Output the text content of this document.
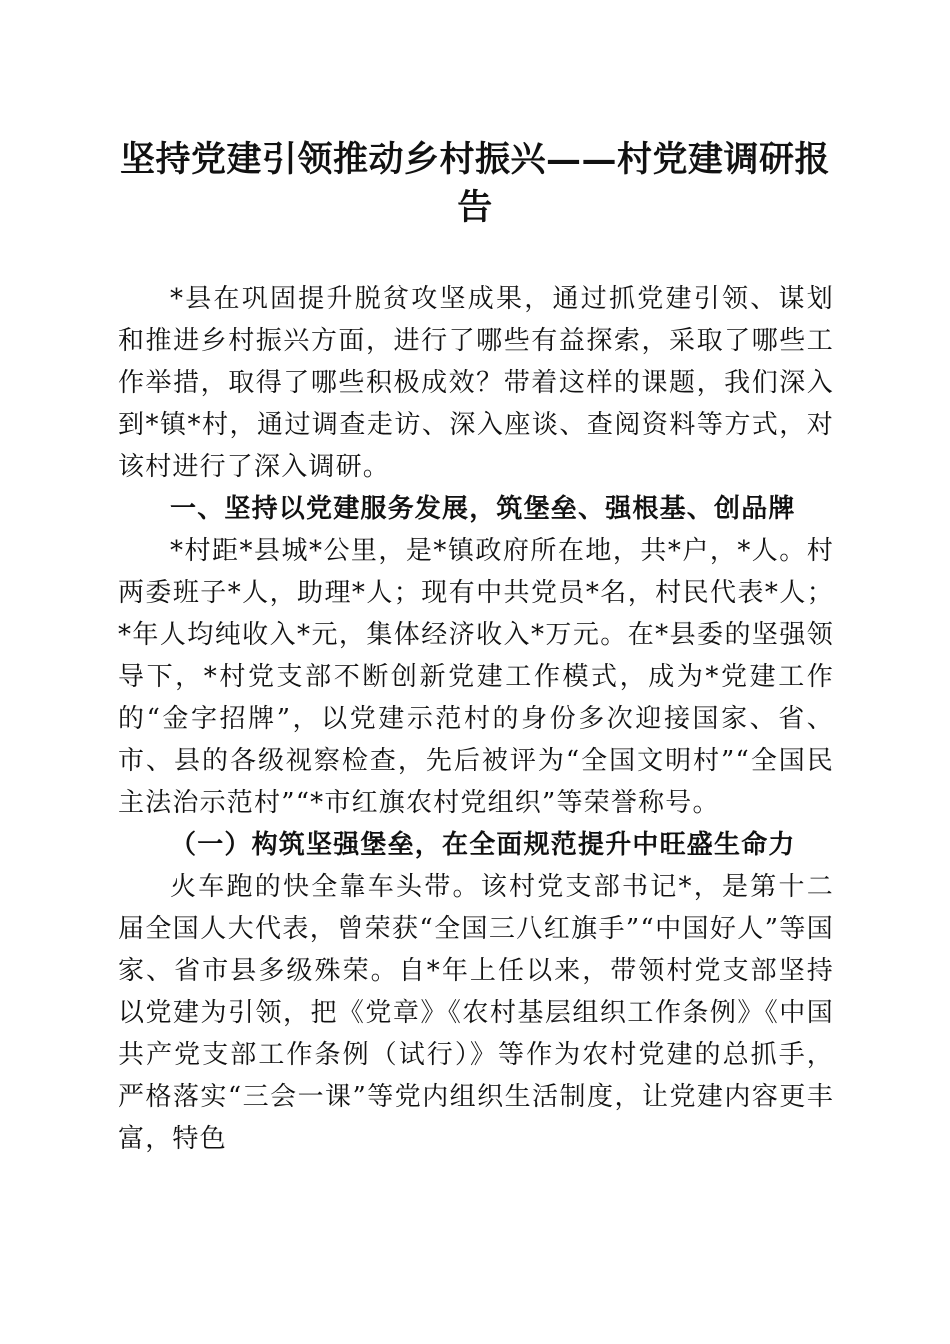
坚持党建引领推动乡村振兴——村党建调研报告

*县在巩固提升脱贫攻坚成果，通过抓党建引领、谋划和推进乡村振兴方面，进行了哪些有益探索，采取了哪些工作举措，取得了哪些积极成效？带着这样的课题，我们深入到*镇*村，通过调查走访、深入座谈、查阅资料等方式，对该村进行了深入调研。

一、坚持以党建服务发展，筑堡垒、强根基、创品牌

*村距*县城*公里，是*镇政府所在地，共*户，*人。村两委班子*人，助理*人；现有中共党员*名，村民代表*人；*年人均纯收入*元，集体经济收入*万元。在*县委的坚强领导下，*村党支部不断创新党建工作模式，成为*党建工作的“金字招牌”，以党建示范村的身份多次迎接国家、省、市、县的各级视察检查，先后被评为“全国文明村”“全国民主法治示范村”“*市红旗农村党组织”等荣誉称号。

（一）构筑坚强堡垒，在全面规范提升中旺盛生命力

火车跑的快全靠车头带。该村党支部书记*，是第十二届全国人大代表，曾荣获“全国三八红旗手”“中国好人”等国家、省市县多级殊荣。自*年上任以来，带领村党支部坚持以党建为引领，把《党章》《农村基层组织工作条例》《中国共产党支部工作条例（试行）》等作为农村党建的总抓手，严格落实“三会一课”等党内组织生活制度，让党建内容更丰富，特色
